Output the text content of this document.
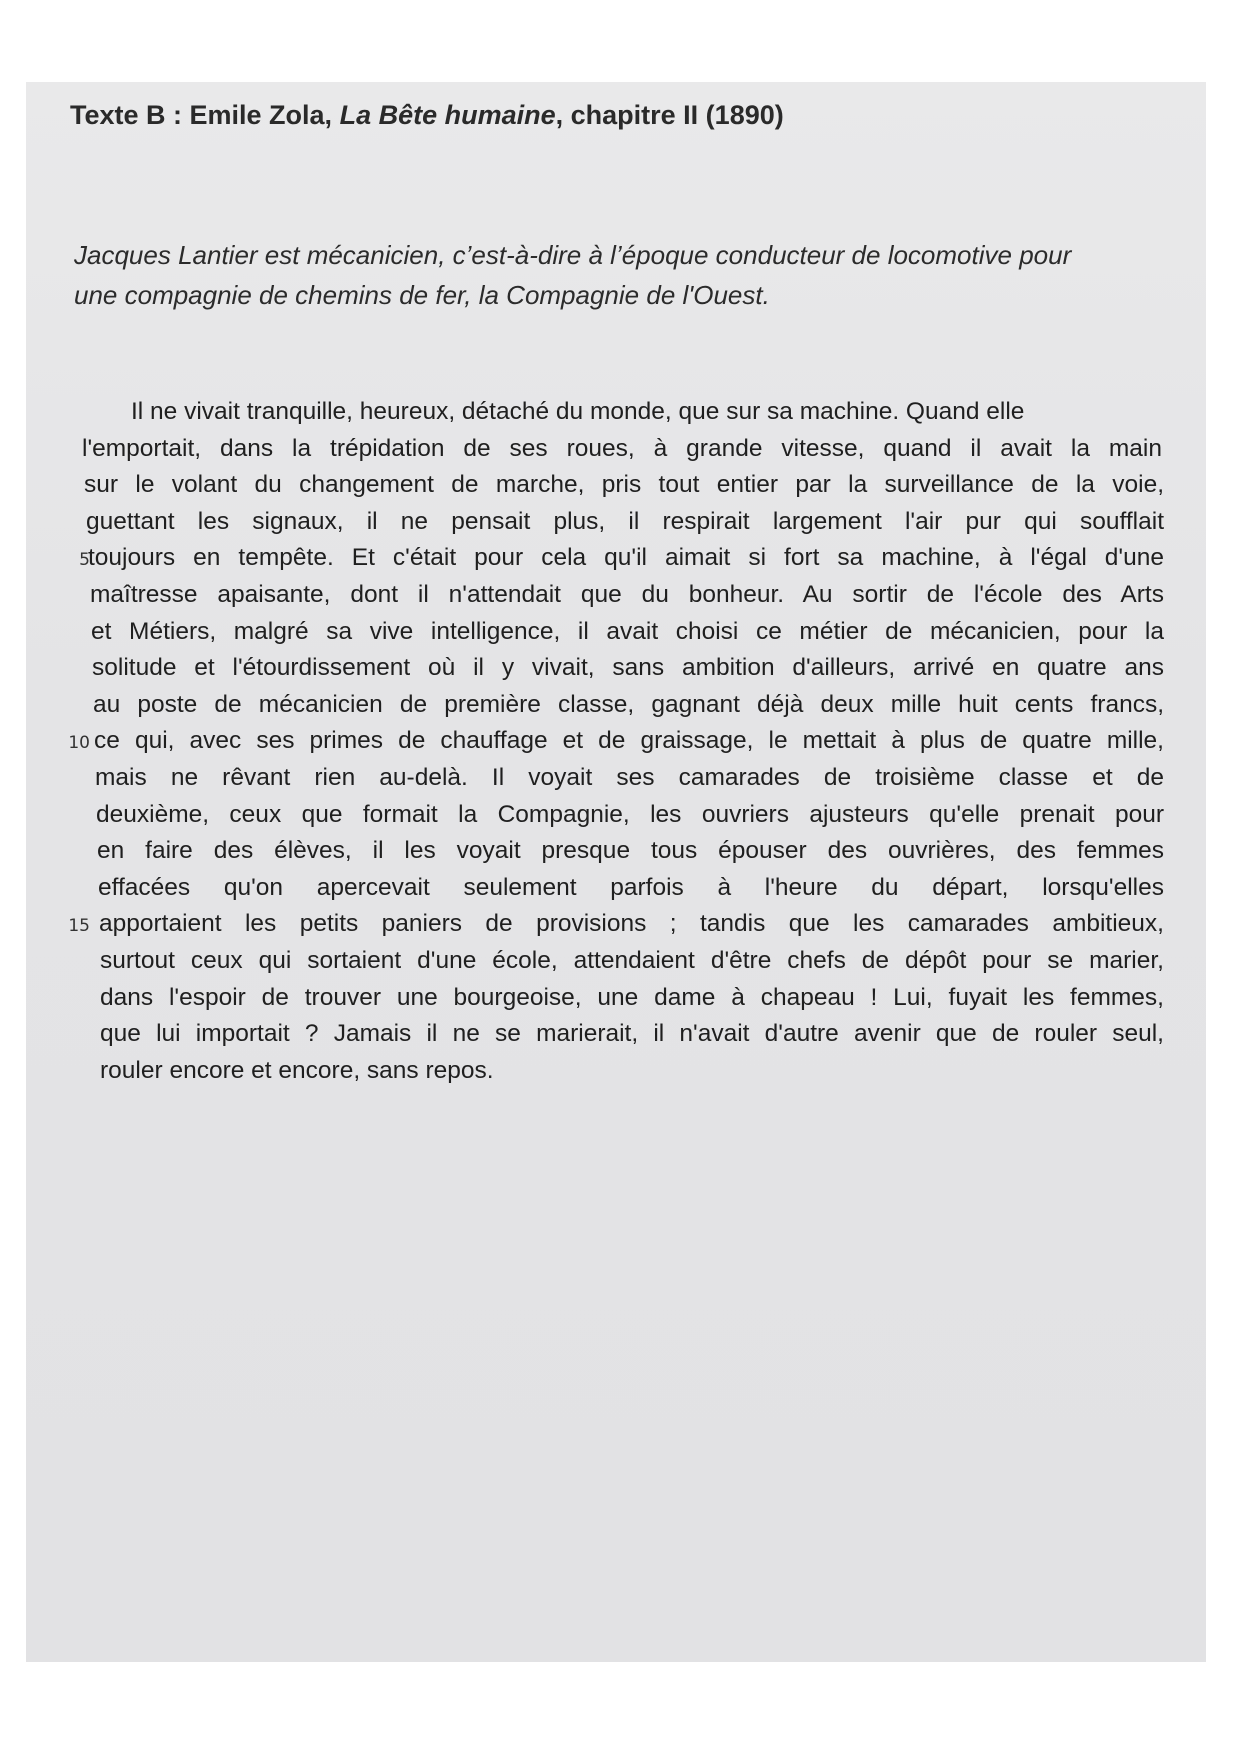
Texte B : Emile Zola, La Bête humaine, chapitre II (1890)

Jacques Lantier est mécanicien, c’est-à-dire à l’époque conducteur de locomotive pour
une compagnie de chemins de fer, la Compagnie de l'Ouest.

Il ne vivait tranquille, heureux, détaché du monde, que sur sa machine. Quand elle
l'emportait, dans la trépidation de ses roues, à grande vitesse, quand il avait la main
sur le volant du changement de marche, pris tout entier par la surveillance de la voie,
guettant les signaux, il ne pensait plus, il respirait largement l'air pur qui soufflait
5
toujours en tempête. Et c'était pour cela qu'il aimait si fort sa machine, à l'égal d'une
maîtresse apaisante, dont il n'attendait que du bonheur. Au sortir de l'école des Arts
et Métiers, malgré sa vive intelligence, il avait choisi ce métier de mécanicien, pour la
solitude et l'étourdissement où il y vivait, sans ambition d'ailleurs, arrivé en quatre ans
au poste de mécanicien de première classe, gagnant déjà deux mille huit cents francs,
10 ce qui, avec ses primes de chauffage et de graissage, le mettait à plus de quatre mille,
mais ne rêvant rien au-delà. Il voyait ses camarades de troisième classe et de
deuxième, ceux que formait la Compagnie, les ouvriers ajusteurs qu'elle prenait pour
en faire des élèves, il les voyait presque tous épouser des ouvrières, des femmes
effacées qu'on apercevait seulement parfois à l'heure du départ, lorsqu'elles
15 apportaient les petits paniers de provisions ; tandis que les camarades ambitieux,
surtout ceux qui sortaient d'une école, attendaient d'être chefs de dépôt pour se marier,
dans l'espoir de trouver une bourgeoise, une dame à chapeau ! Lui, fuyait les femmes,
que lui importait ? Jamais il ne se marierait, il n'avait d'autre avenir que de rouler seul,
rouler encore et encore, sans repos.
